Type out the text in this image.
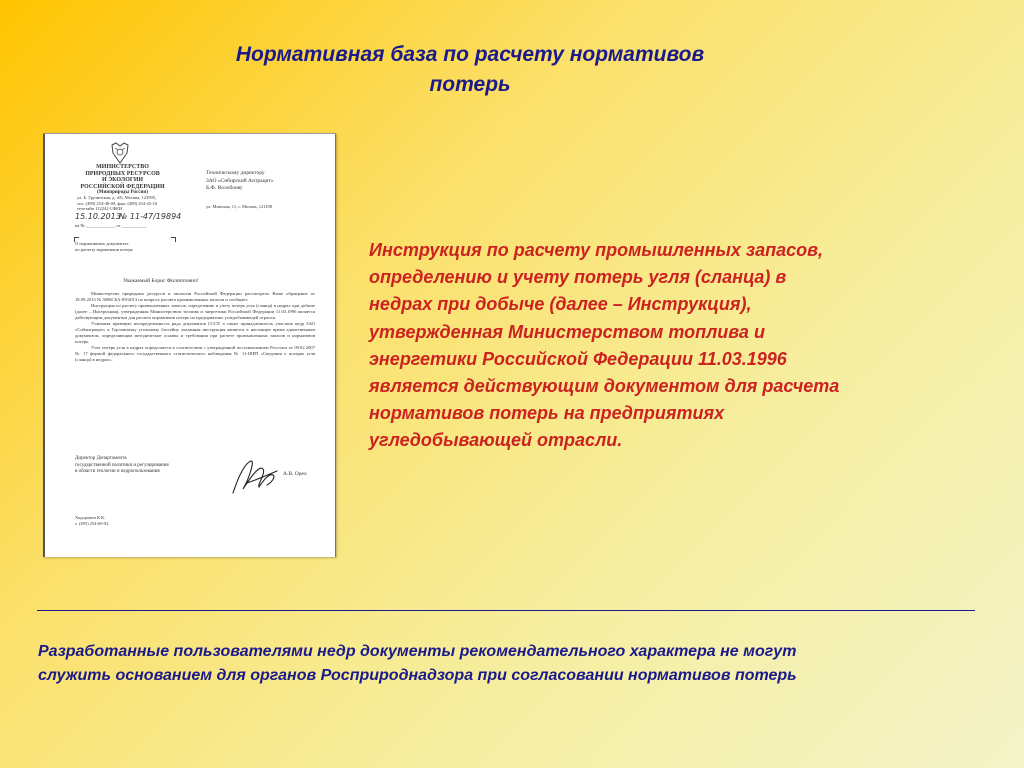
Нормативная база по расчету нормативов
потерь
МИНИСТЕРСТВО
ПРИРОДНЫХ РЕСУРСОВ
И ЭКОЛОГИИ
РОССИЙСКОЙ ФЕДЕРАЦИИ
(Минприроды России)
ул. Б. Грузинская, д. 4/6, Москва, 123995,
тел. (499) 254-48-00, факс (499) 254-43-10
телетайп 112242 СФЕН
15.10.2013
№ 11-47/19894
на № _____________ от ___________
Техническому директору
ЗАО «Сибирский Антрацит»
Б.Ф. Волобоеву
ул. Минская, 11, г. Москва, 121108
О нормативных документах
по расчету нормативов потерь
Уважаемый Борис Филиппович!

Министерство природных ресурсов и экологии Российской Федерации рассмотрело Ваше обращение от 18.09.2013 № 3006СБА-09/2013 по вопросу расчета промышленных запасов и сообщает.

Инструкция по расчету промышленных запасов, определению и учету потерь угля (сланца) в недрах при добыче (далее – Инструкция), утвержденная Министерством топлива и энергетики Российской Федерации 11.03.1996 является действующим документом для расчета нормативов потерь на предприятиях угледобывающей отрасли.

Учитывая правовую неопределенность ряда документов СССР, а также принадлежность участков недр ЗАО «Сибантрацит» к Горловскому угольному бассейну указанная инструкция является в настоящее время единственным документом, определяющим методические основы и требования при расчете промышленных запасов и нормативов потерь.

Учет потерь угля в недрах определяется в соответствии с утвержденной постановлением Росстата от 09.02.2007 № 17 формой федерального государственного статистического наблюдения № 11-ШРП «Сведения о потерях угля (сланца) в недрах».

Директор Департамента
государственной политики и регулирования
в области геологии и недропользования	А.В. Орел
Ходорович К.К.
т. (495) 254-69-92
Инструкция по расчету промышленных запасов,
определению и учету потерь угля (сланца) в
недрах при добыче (далее – Инструкция),
утвержденная Министерством топлива и
энергетики Российской Федерации 11.03.1996
является действующим документом для расчета
нормативов потерь на предприятиях
угледобывающей отрасли.
Разработанные пользователями недр документы рекомендательного характера не могут
служить основанием для органов Росприроднадзора при согласовании нормативов потерь
